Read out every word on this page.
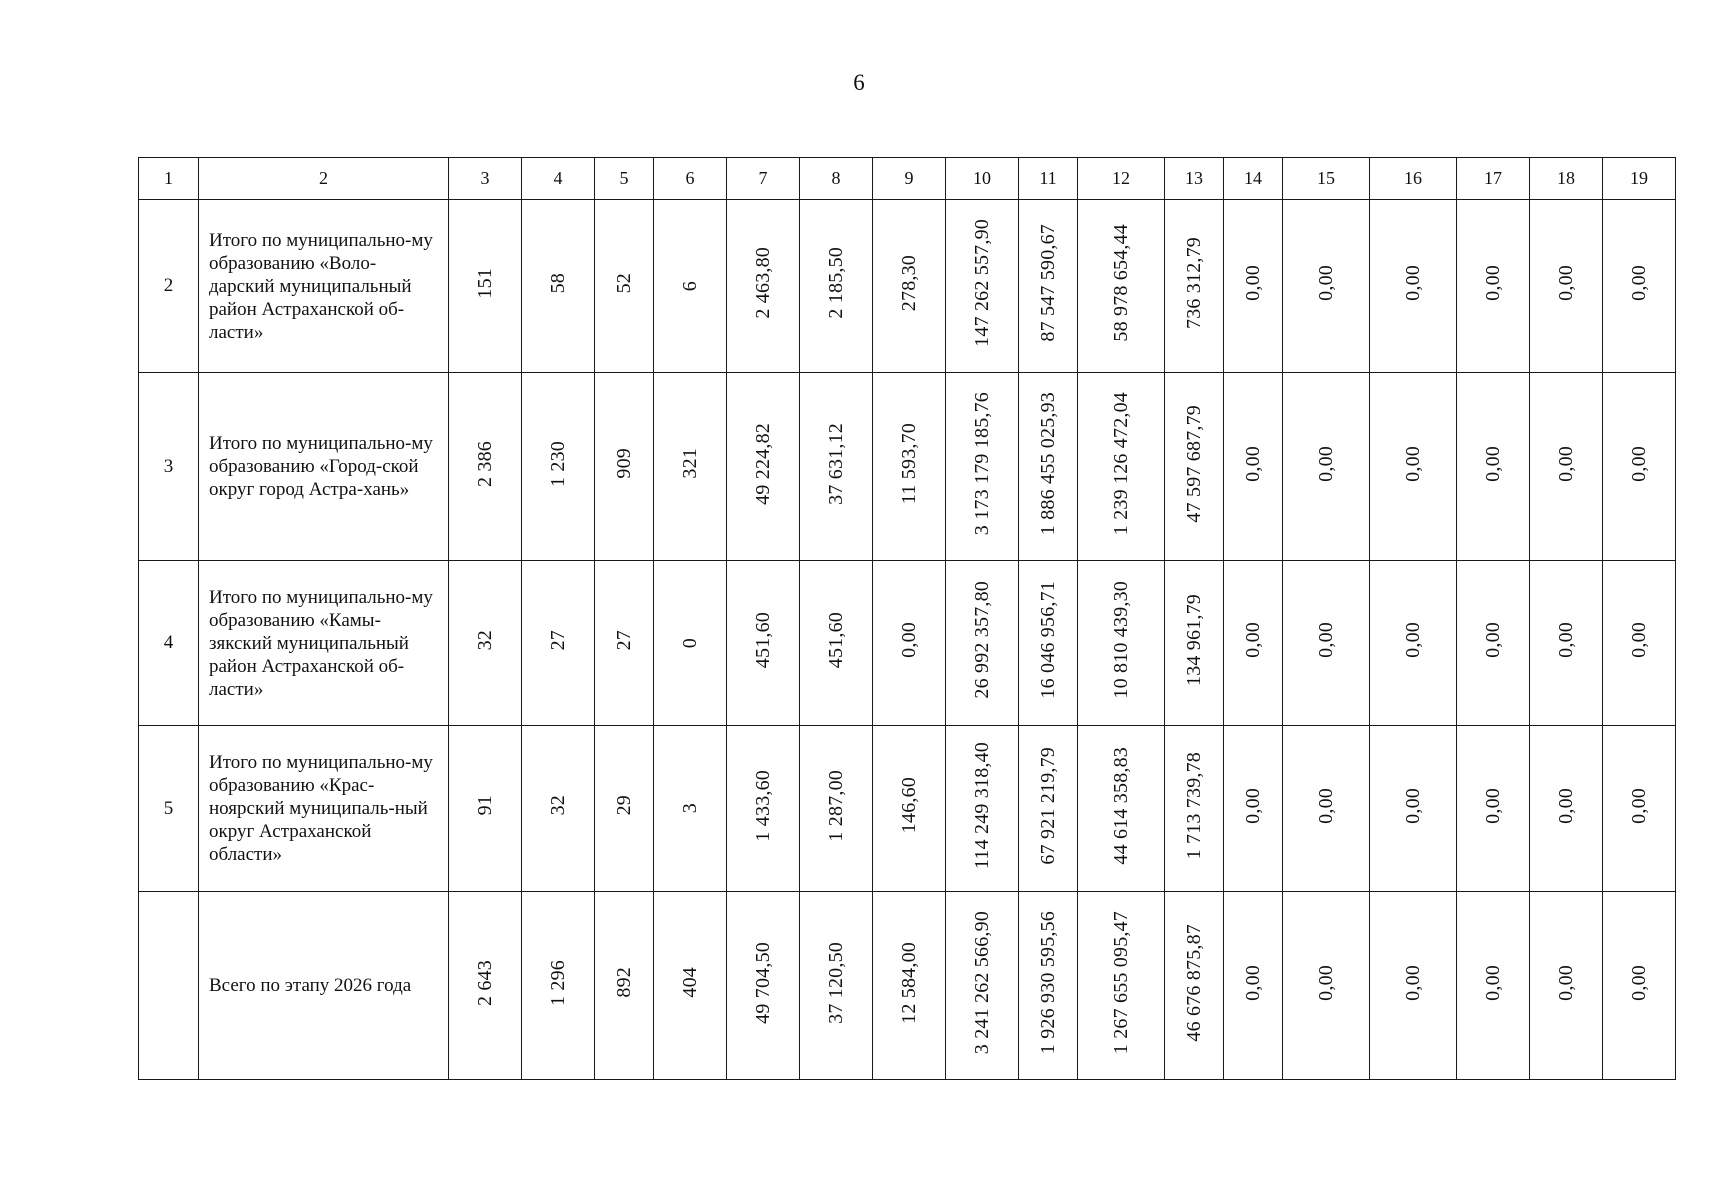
6
1	2	3	4	5	6	7	8	9	10	11	12	13	14	15	16	17	18	19
2	Итого по муниципально-му образованию «Воло-дарский муниципальный район Астраханской об-ласти»	151	58	52	6	2 463,80	2 185,50	278,30	147 262 557,90	87 547 590,67	58 978 654,44	736 312,79	0,00	0,00	0,00	0,00	0,00	0,00
3	Итого по муниципально-му образованию «Город-ской округ город Астра-хань»	2 386	1 230	909	321	49 224,82	37 631,12	11 593,70	3 173 179 185,76	1 886 455 025,93	1 239 126 472,04	47 597 687,79	0,00	0,00	0,00	0,00	0,00	0,00
4	Итого по муниципально-му образованию «Камы-зякский муниципальный район Астраханской об-ласти»	32	27	27	0	451,60	451,60	0,00	26 992 357,80	16 046 956,71	10 810 439,30	134 961,79	0,00	0,00	0,00	0,00	0,00	0,00
5	Итого по муниципально-му образованию «Крас-ноярский муниципаль-ный округ Астраханской области»	91	32	29	3	1 433,60	1 287,00	146,60	114 249 318,40	67 921 219,79	44 614 358,83	1 713 739,78	0,00	0,00	0,00	0,00	0,00	0,00
	Всего по этапу 2026 года	2 643	1 296	892	404	49 704,50	37 120,50	12 584,00	3 241 262 566,90	1 926 930 595,56	1 267 655 095,47	46 676 875,87	0,00	0,00	0,00	0,00	0,00	0,00
